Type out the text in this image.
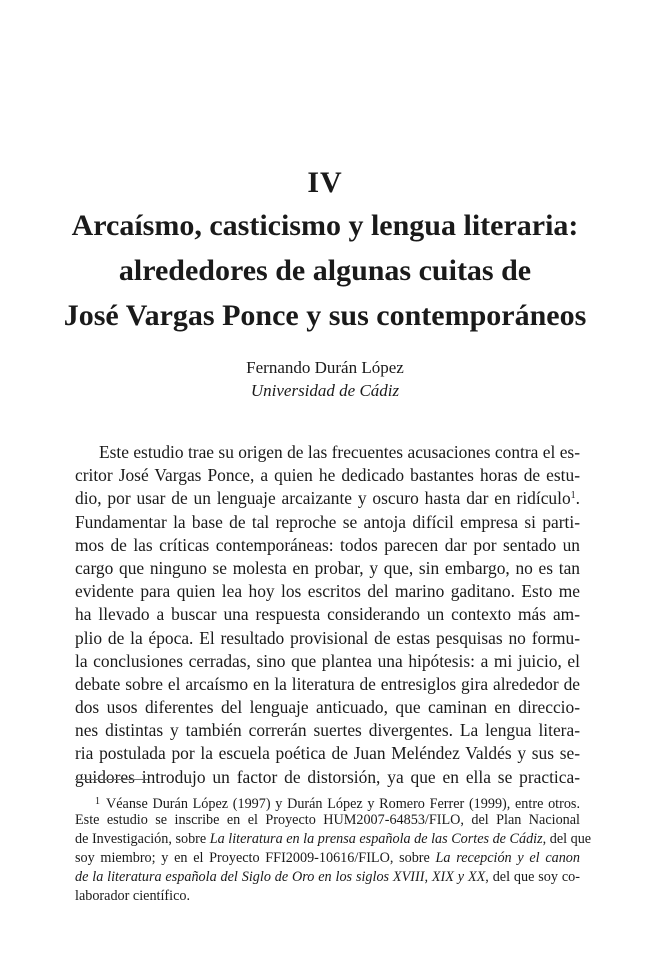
IV
Arcaísmo, casticismo y lengua literaria:
alrededores de algunas cuitas de
José Vargas Ponce y sus contemporáneos
Fernando Durán López
Universidad de Cádiz
Este estudio trae su origen de las frecuentes acusaciones contra el es-
critor José Vargas Ponce, a quien he dedicado bastantes horas de estu-
dio, por usar de un lenguaje arcaizante y oscuro hasta dar en ridículo$^1$.
Fundamentar la base de tal reproche se antoja difícil empresa si parti-
mos de las críticas contemporáneas: todos parecen dar por sentado un
cargo que ninguno se molesta en probar, y que, sin embargo, no es tan
evidente para quien lea hoy los escritos del marino gaditano. Esto me
ha llevado a buscar una respuesta considerando un contexto más am-
plio de la época. El resultado provisional de estas pesquisas no formu-
la conclusiones cerradas, sino que plantea una hipótesis: a mi juicio, el
debate sobre el arcaísmo en la literatura de entresiglos gira alrededor de
dos usos diferentes del lenguaje anticuado, que caminan en direccio-
nes distintas y también correrán suertes divergentes. La lengua litera-
ria postulada por la escuela poética de Juan Meléndez Valdés y sus se-
guidores introdujo un factor de distorsión, ya que en ella se practica-
$^1$ Véanse Durán López (1997) y Durán López y Romero Ferrer (1999), entre otros.
Este estudio se inscribe en el Proyecto HUM2007-64853/FILO, del Plan Nacional
de Investigación, sobre La literatura en la prensa española de las Cortes de Cádiz, del que
soy miembro; y en el Proyecto FFI2009-10616/FILO, sobre La recepción y el canon
de la literatura española del Siglo de Oro en los siglos XVIII, XIX y XX, del que soy co-
laborador científico.
